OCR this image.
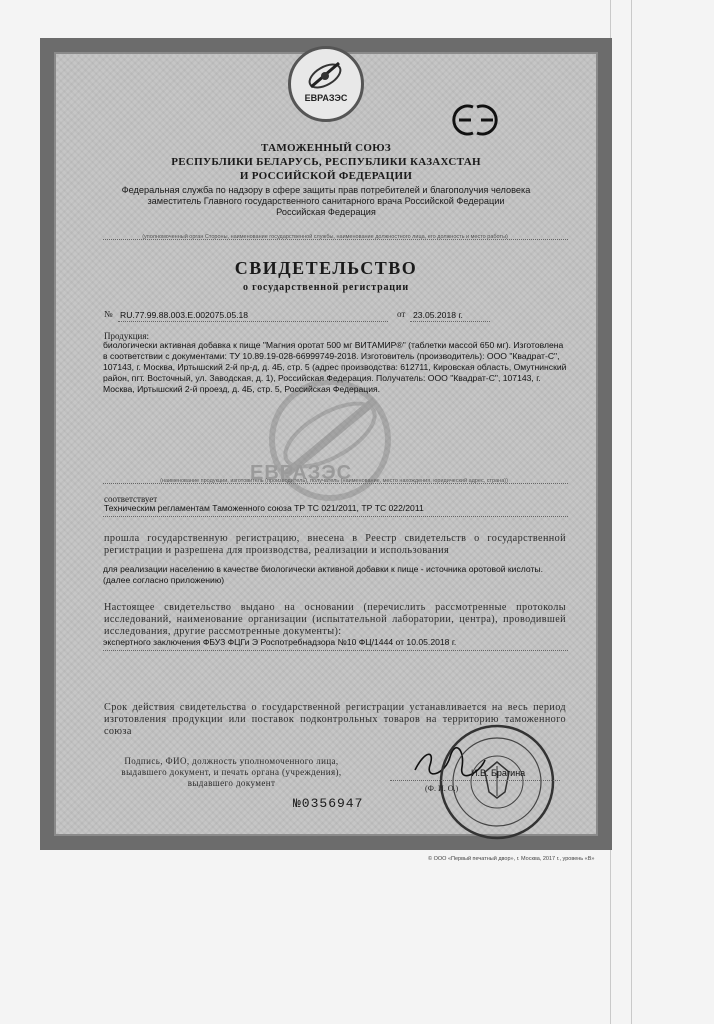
ЕВРАЗЭС	СЭ
ТАМОЖЕННЫЙ СОЮЗ
РЕСПУБЛИКИ БЕЛАРУСЬ, РЕСПУБЛИКИ КАЗАХСТАН
И РОССИЙСКОЙ ФЕДЕРАЦИИ
Федеральная служба по надзору в сфере защиты прав потребителей и благополучия человека
заместитель Главного государственного санитарного врача Российской Федерации
Российская Федерация
(уполномоченный орган Стороны, наименование государственной службы, наименование должностного лица, его должность и место работы)
СВИДЕТЕЛЬСТВО
о государственной регистрации
№ RU.77.99.88.003.Е.002075.05.18	от 23.05.2018 г.
ЕВРАЗЭС
Продукция:
биологически активная добавка к пище "Магния оротат 500 мг ВИТАМИР®" (таблетки массой 650 мг). Изготовлена в соответствии с документами: ТУ 10.89.19-028-66999749-2018. Изготовитель (производитель): ООО "Квадрат-С", 107143, г. Москва, Иртышский 2-й пр-д, д. 4Б, стр. 5 (адрес производства: 612711, Кировская область, Омутнинский район, пгт. Восточный, ул. Заводская, д. 1), Российская Федерация. Получатель: ООО "Квадрат-С", 107143, г. Москва, Иртышский 2-й проезд, д. 4Б, стр. 5, Российская Федерация.
(наименование продукции, изготовитель (производитель), получатель (наименование, место нахождения, юридический адрес, страна))
соответствует
Техническим регламентам Таможенного союза ТР ТС 021/2011, ТР ТС 022/2011
прошла государственную регистрацию, внесена в Реестр свидетельств о государственной регистрации и разрешена для производства, реализации и использования
для реализации населению в качестве биологически активной добавки к пище - источника оротовой кислоты. (далее согласно приложению)
Настоящее свидетельство выдано на основании (перечислить рассмотренные протоколы исследований, наименование организации (испытательной лаборатории, центра), проводившей исследования, другие рассмотренные документы):
экспертного заключения ФБУЗ ФЦГи Э Роспотребнадзора №10 ФЦ/1444 от 10.05.2018 г.
Срок действия свидетельства о государственной регистрации устанавливается на весь период изготовления продукции или поставок подконтрольных товаров на территорию таможенного союза
Подпись, ФИО, должность уполномоченного лица, выдавшего документ, и печать органа (учреждения), выдавшего документ
И.В. Брагина
(Ф. И. О.)
№0356947
© ООО «Первый печатный двор», г. Москва, 2017 г., уровень «В»
